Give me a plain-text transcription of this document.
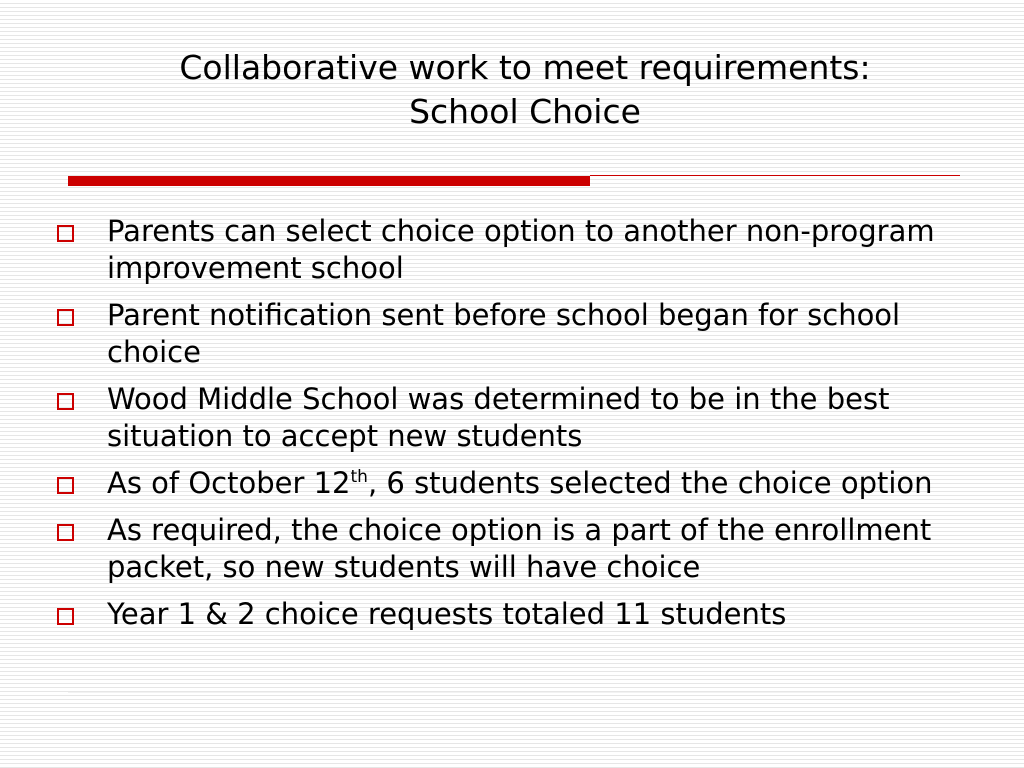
Collaborative work to meet requirements:
School Choice
Parents can select choice option to another non-program improvement school
Parent notification sent before school began for school choice
Wood Middle School was determined to be in the best situation to accept new students
As of October 12th, 6 students selected the choice option
As required, the choice option is a part of the enrollment packet, so new students will have choice
Year 1 & 2 choice requests totaled 11 students
